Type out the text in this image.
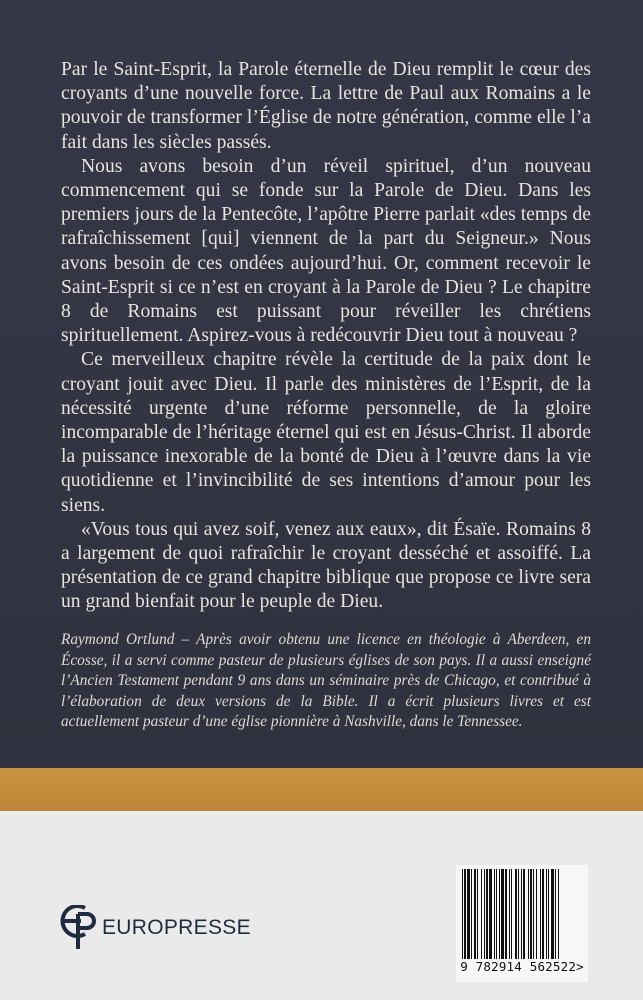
Par le Saint-Esprit, la Parole éternelle de Dieu remplit le cœur des croyants d’une nouvelle force. La lettre de Paul aux Romains a le pouvoir de transformer l’Église de notre génération, comme elle l’a fait dans les siècles passés.

Nous avons besoin d’un réveil spirituel, d’un nouveau commencement qui se fonde sur la Parole de Dieu. Dans les premiers jours de la Pentecôte, l’apôtre Pierre parlait «des temps de rafraîchissement [qui] viennent de la part du Seigneur.» Nous avons besoin de ces ondées aujourd’hui. Or, comment recevoir le Saint-Esprit si ce n’est en croyant à la Parole de Dieu ? Le chapitre 8 de Romains est puissant pour réveiller les chrétiens spirituellement. Aspirez-vous à redécouvrir Dieu tout à nouveau ?

Ce merveilleux chapitre révèle la certitude de la paix dont le croyant jouit avec Dieu. Il parle des ministères de l’Esprit, de la nécessité urgente d’une réforme personnelle, de la gloire incomparable de l’héritage éternel qui est en Jésus-Christ. Il aborde la puissance inexorable de la bonté de Dieu à l’œuvre dans la vie quotidienne et l’invincibilité de ses intentions d’amour pour les siens.

«Vous tous qui avez soif, venez aux eaux», dit Ésaïe. Romains 8 a largement de quoi rafraîchir le croyant desséché et assoiffé. La présentation de ce grand chapitre biblique que propose ce livre sera un grand bienfait pour le peuple de Dieu.

Raymond Ortlund – Après avoir obtenu une licence en théologie à Aberdeen, en Écosse, il a servi comme pasteur de plusieurs églises de son pays. Il a aussi enseigné l’Ancien Testament pendant 9 ans dans un séminaire près de Chicago, et contribué à l’élaboration de deux versions de la Bible. Il a écrit plusieurs livres et est actuellement pasteur d’une église pionnière à Nashville, dans le Tennessee.

EUROPRESSE
9 782914 562522>
